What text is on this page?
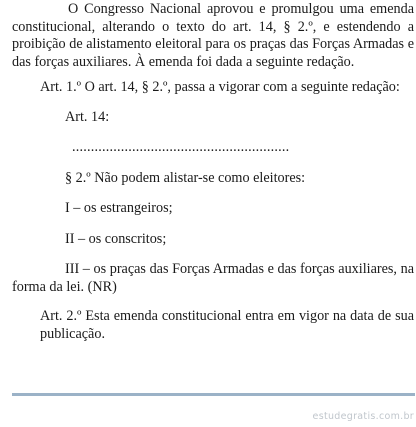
O Congresso Nacional aprovou e promulgou uma emenda constitucional, alterando o texto do art. 14, § 2.º, e estendendo a proibição de alistamento eleitoral para os praças das Forças Armadas e das forças auxiliares. À emenda foi dada a seguinte redação.

Art. 1.º O art. 14, § 2.º, passa a vigorar com a seguinte redação:

Art. 14:

..........................................................

§ 2.º Não podem alistar-se como eleitores:

I – os estrangeiros;

II – os conscritos;

III – os praças das Forças Armadas e das forças auxiliares, na forma da lei. (NR)

Art. 2.º Esta emenda constitucional entra em vigor na data de sua publicação.

estudegratis.com.br
